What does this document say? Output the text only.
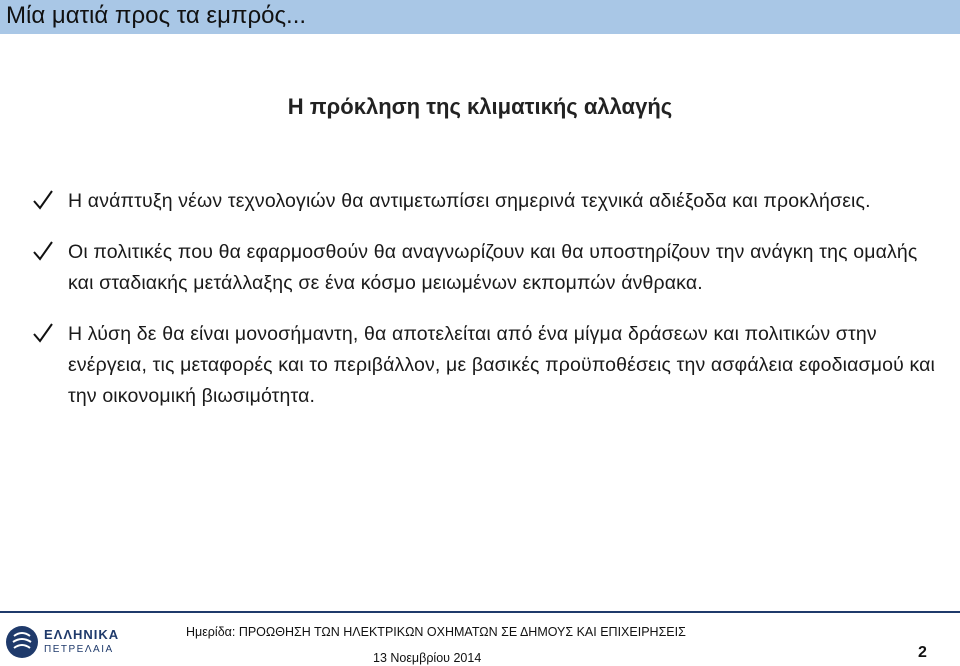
Μία ματιά προς τα εμπρός...
Η πρόκληση της κλιματικής αλλαγής
Η ανάπτυξη νέων τεχνολογιών θα αντιμετωπίσει σημερινά τεχνικά αδιέξοδα και προκλήσεις.
Οι πολιτικές που θα εφαρμοσθούν θα αναγνωρίζουν και θα υποστηρίζουν την ανάγκη της ομαλής και σταδιακής μετάλλαξης σε ένα κόσμο μειωμένων εκπομπών άνθρακα.
Η λύση δε θα είναι μονοσήμαντη, θα αποτελείται από ένα μίγμα δράσεων και πολιτικών στην ενέργεια, τις μεταφορές και το περιβάλλον, με βασικές προϋποθέσεις την ασφάλεια εφοδιασμού και την οικονομική βιωσιμότητα.
ΕΛΛΗΝΙΚΑ
ΠΕΤΡΕΛΑΙΑ
Ημερίδα: ΠΡΟΩΘΗΣΗ ΤΩΝ ΗΛΕΚΤΡΙΚΩΝ ΟΧΗΜΑΤΩΝ ΣΕ ΔΗΜΟΥΣ ΚΑΙ ΕΠΙΧΕΙΡΗΣΕΙΣ
13 Νοεμβρίου 2014	2
